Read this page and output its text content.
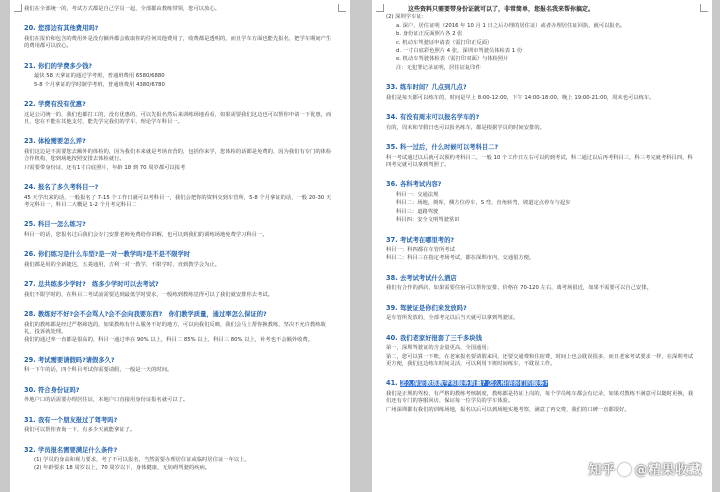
我们在全部统一的，考试方式都是自己学员一起，全部都由教练带领，您可以放心。
20. 您那边有其他费用吗?
我们在报价和包含的费用外是没有额外都会收取你的任何其他费用了，收费都是透明的，而且学车方面也能先报名，把学车期间产生的费用都可以放心。
21. 你们的学费多少钱?
最快 58 天拿证的通过学考班，普通班费用 6580/6880
5-8 个月拿证的学时制学考班，普通班费用 4380/6780
22. 学费有没有优惠?
这是公司统一的，我们也都打工的，没有优惠的，可以先报名然后来训练场地看看，如果需要我们这边也可以帮你申请一下优惠，而且，您在不能在其他支付，能先学完我们的学车，理论学车科目一。
23. 体检需要怎么弄?
我们这边是不需要您去额外的体检的，因为我们本来就是考场直营的，包括你来学，您体检的话都是免费的，因为我们有专门的体检合作机构，您到场地按照安排去体检就行。
只需要带身份证，还有1寸白底照片，年龄 18 到 70 周岁都可以报考
24. 报名了多久考科目一?
45 天学出来的话，一般报名了 7-15 个工作日就可以考科目一，我们会把你的资料交到车管所，5-8 个月拿证的话，一般 20-30 天考完科目一，科目二大概是 1-2 个月考完科目二
25. 科目一怎么练习?
科目一的话，您报名过后我们会专门安排老师免费给你讲解，也可以到我们的训练场地免费学习科目一。
26. 你们练习是什么车型?是一对一教学吗?是不是不限学时
我们都是用的全新捷达，五菱通用，吉利一对一教学，不限学时，直到教学会为止。
27. 总共练多少学时?　练多少学时可以去考试?
我们不限学时的，在科目二考试前需要达到最低学时要求，一般练到教练觉得可以了我们就安排你去考试。
28. 教练好不好?会不会骂人?会不会向我要东西?　你们教学质量，通过率怎么保证的?
我们的教练都是经过严格筛选的，如果教练有什么服务不好的地方，可以向我们反映，我们会马上帮你换教练，坚决不允许教练收礼，投诉就处理。
我们的通过率一直都是很高的，科目一通过率在 90% 以上，科目二 85% 以上，科目三 80% 以上，补考也不会额外收费。
29. 考试需要请假吗?请假多久?
科一下午的话，四个科目考试你需要请假，一般是一天的时间。
30. 符合身份证吗?
外地户口的话需要办理居住证，本地户口直接用身份证报名就可以了。
31. 我有一个朋友报过了驾考吗?
我们可以帮你查询一下，有多少天就能拿证了。
32. 学员报名需要满足什么条件?
(1) 学员的身高和视力要求，考了不可以报名，当然需要办理居住证或临时居住证一年以上。
(2) 年龄要求 18 周岁以上，70 周岁以下，身体健康，无妨碍驾驶的疾病。
这些资料只需要带身份证就可以了，非常简单，您报名我来帮你搞定。
(2) 深圳学车证：
a. 深户，居住证明（2016 年 10 月 1 日之后办理的居住证）或者办理居住证回执，就可以报名。
b. 身份证正反面照片各 2 张
c. 机动车驾驶证申请表（需打印正反面）
d. 一寸白底彩色照片 4 张，深圳市驾驶员体检表 1 份
e. 机动车驾驶体检表（需打印双面）与体检照片
注：无犯罪记录证明，居住证复印件
33. 练车时间？几点到几点?
我们是每天都可以练车的，时间是早上 8:00-12:00，下午 14:00-18:00，晚上 19:00-21:00，周末也可以练车。
34. 有没有周末可以报名学车的?
有的，周末和节假日也可以报名练车，都是根据学员的时间安排的。
35. 科一过后，什么时候可以考科目二?
科一考试通过以后就可以预约考科目二，一般 10 个工作日左右可以约到考试，科二通过以后再考科目三，科三考完就考科目四，科四考完就可以拿到驾照了。
36. 各科考试内容?
科目一：交通法规
科目二：场地，倒库，侧方位停车，S 弯，直角转弯，坡道定点停车与起步
科目三：道路驾驶
科目四：安全文明驾驶常识
37. 考试考在哪里考的?
科目一：科四都在车管所考试
科目二：科目三在指定考场考试，都在深圳市内，交通很方便。
38. 去考试考试什么酒店
我们有合作的酒店，如果需要住宿可以帮你安排，价格在 70-120 左右，离考场很近，如果不需要可以自己安排。
39. 驾驶证是你们来发放吗?
是车管所发放的，全部考完以后当天就可以拿到驾驶证。
40. 我们老家好报套了三千多块钱
第一，深圳驾驶证的含金量更高，全国通用；
第二，您可以算一下账，在老家报名要请假来回，还要交通费和住宿费，时间上也会耽误很多，而且老家考试要求一样，在深圳考试更方便，我们这边练车时间灵活，可以利用下班时间练车，不耽误工作。
41. 怎么保证教练教学和服务质量? 怎么相信你们的服务?
我们是正规的驾校，有严格的教练考核制度，教练都是持证上岗的，每个学员练车都会有记录，如果对教练不满意可以随时更换，我们还有专门的客服回访，保证每一位学员的学车体验。
广州深圳都有我们的训练场地，报名以后可以到场地实地考察，满意了再交费，我们的口碑一直都很好。
知乎 @精果收藏
